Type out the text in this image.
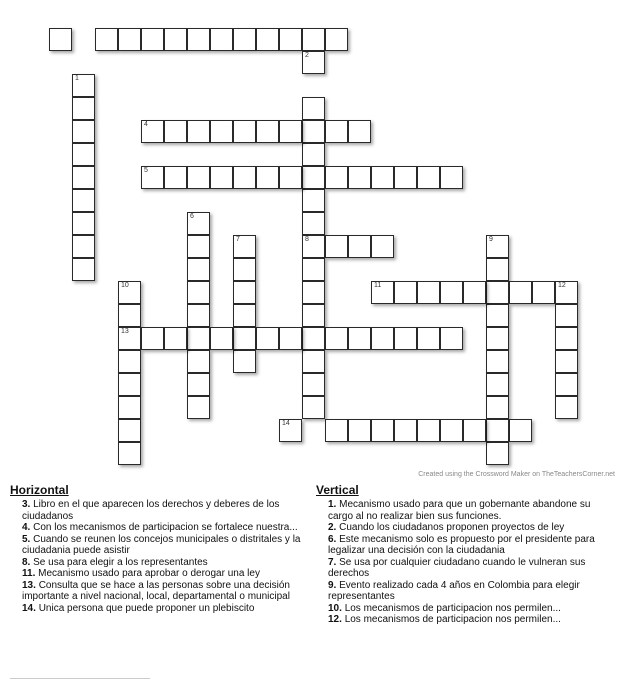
1
2
8
4
5
6
7	9
11	12
10
13
14
Created using the Crossword Maker on TheTeachersCorner.net
Horizontal
3. Libro en el que aparecen los derechos y deberes de los ciudadanos
4. Con los mecanismos de participacion se fortalece nuestra...
5. Cuando se reunen los concejos municipales o distritales y la ciudadania puede asistir
8. Se usa para elegir a los representantes
11. Mecanismo usado para aprobar o derogar una ley
13. Consulta que se hace a las personas sobre una decisión importante a nivel nacional, local, departamental o municipal
14. Unica persona que puede proponer un plebiscito
Vertical
1. Mecanismo usado para que un gobernante abandone su cargo al no realizar bien sus funciones.
2. Cuando los ciudadanos proponen proyectos de ley
6. Este mecanismo solo es propuesto por el presidente para legalizar una decisión con la ciudadania
7. Se usa por cualquier ciudadano cuando le vulneran sus derechos
9. Evento realizado cada 4 años en Colombia para elegir representantes
10. Los mecanismos de participacion nos permilen...
12. Los mecanismos de participacion nos permilen...
